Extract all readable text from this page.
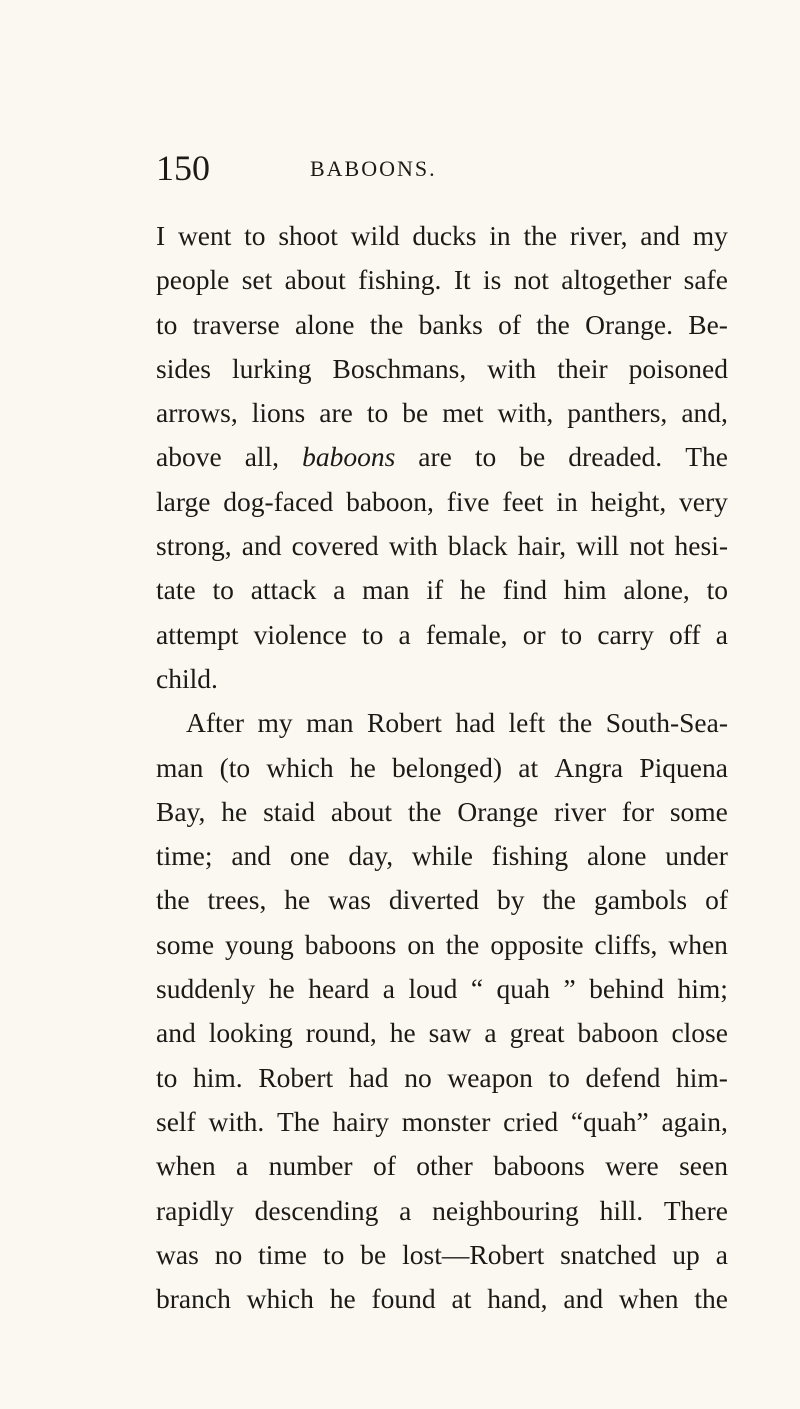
150	BABOONS.
I went to shoot wild ducks in the river, and my
people set about fishing. It is not altogether safe
to traverse alone the banks of the Orange. Be-
sides lurking Boschmans, with their poisoned
arrows, lions are to be met with, panthers, and,
above all, baboons are to be dreaded. The
large dog-faced baboon, five feet in height, very
strong, and covered with black hair, will not hesi-
tate to attack a man if he find him alone, to
attempt violence to a female, or to carry off a
child.
After my man Robert had left the South-Sea-
man (to which he belonged) at Angra Piquena
Bay, he staid about the Orange river for some
time; and one day, while fishing alone under
the trees, he was diverted by the gambols of
some young baboons on the opposite cliffs, when
suddenly he heard a loud “ quah ” behind him;
and looking round, he saw a great baboon close
to him. Robert had no weapon to defend him-
self with. The hairy monster cried “quah” again,
when a number of other baboons were seen
rapidly descending a neighbouring hill. There
was no time to be lost—Robert snatched up a
branch which he found at hand, and when the
